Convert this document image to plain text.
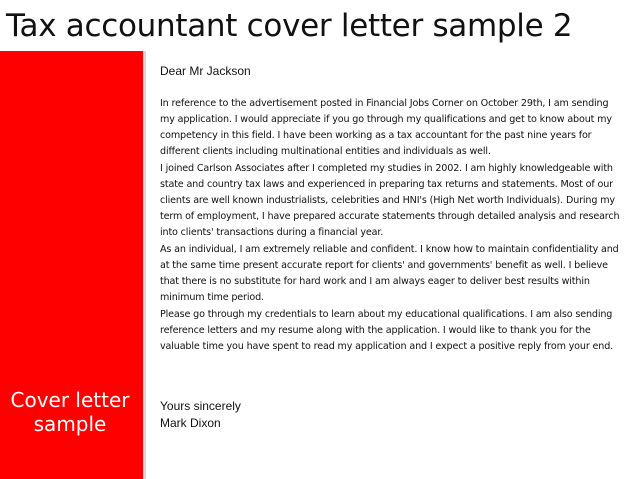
Tax accountant cover letter sample 2
Cover letter
sample

Dear Mr Jackson

In reference to the advertisement posted in Financial Jobs Corner on October 29th, I am sending my application. I would appreciate if you go through my qualifications and get to know about my competency in this field. I have been working as a tax accountant for the past nine years for different clients including multinational entities and individuals as well.

I joined Carlson Associates after I completed my studies in 2002. I am highly knowledgeable with state and country tax laws and experienced in preparing tax returns and statements. Most of our clients are well known industrialists, celebrities and HNI's (High Net worth Individuals). During my term of employment, I have prepared accurate statements through detailed analysis and research into clients' transactions during a financial year.

As an individual, I am extremely reliable and confident. I know how to maintain confidentiality and at the same time present accurate report for clients' and governments' benefit as well. I believe that there is no substitute for hard work and I am always eager to deliver best results within minimum time period.

Please go through my credentials to learn about my educational qualifications. I am also sending reference letters and my resume along with the application. I would like to thank you for the valuable time you have spent to read my application and I expect a positive reply from your end.

Yours sincerely
Mark Dixon
